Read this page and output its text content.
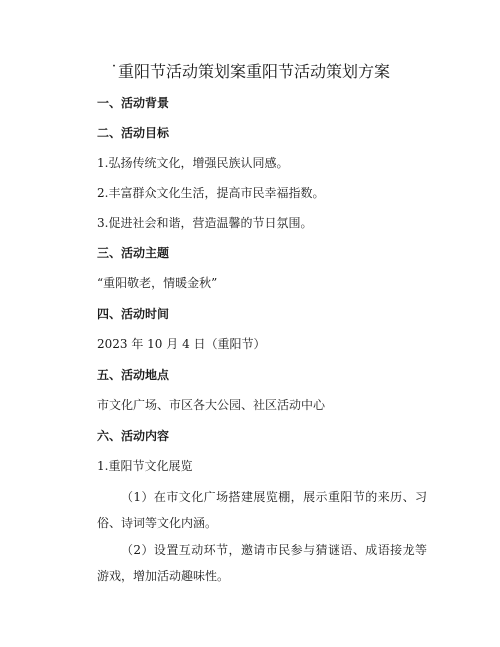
˙重阳节活动策划案重阳节活动策划方案
一、活动背景
二、活动目标
1.弘扬传统文化，增强民族认同感。
2.丰富群众文化生活，提高市民幸福指数。
3.促进社会和谐，营造温馨的节日氛围。
三、活动主题
“重阳敬老，情暖金秋”
四、活动时间
2023 年 10 月 4 日（重阳节）
五、活动地点
市文化广场、市区各大公园、社区活动中心
六、活动内容
1.重阳节文化展览
（1）在市文化广场搭建展览棚，展示重阳节的来历、习俗、诗词等文化内涵。
（2）设置互动环节，邀请市民参与猜谜语、成语接龙等游戏，增加活动趣味性。
